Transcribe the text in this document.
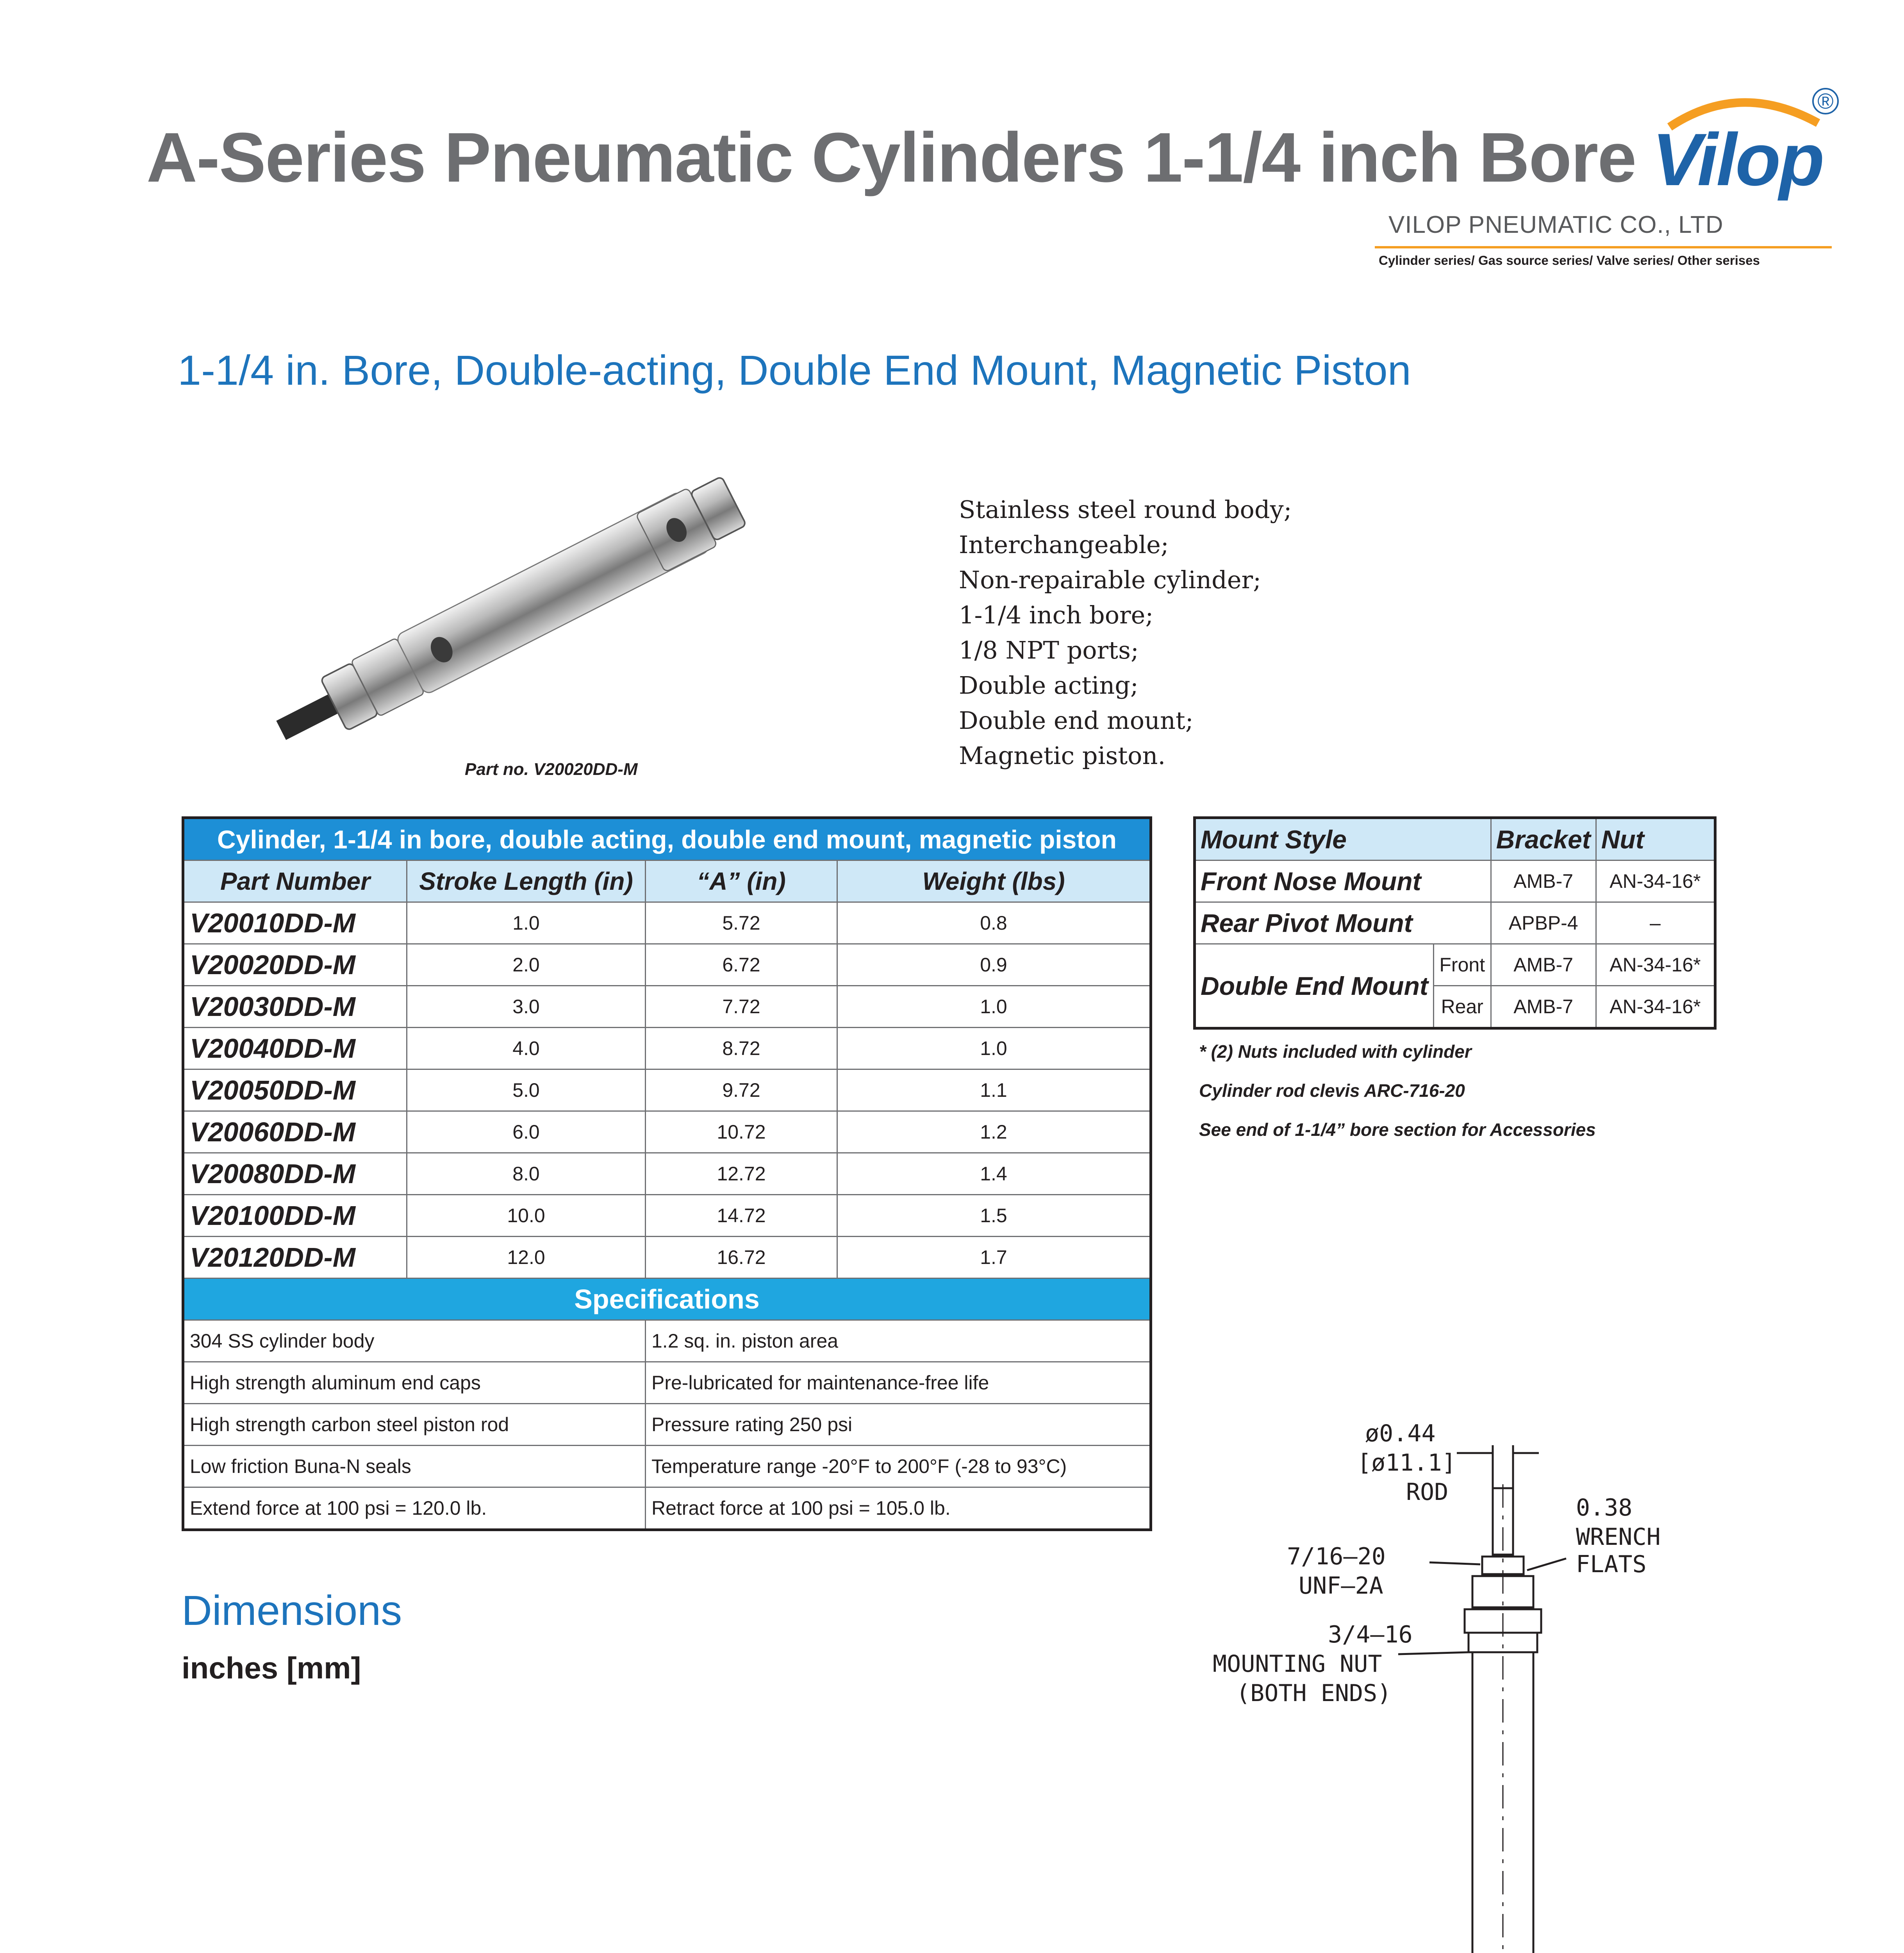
A-Series Pneumatic Cylinders 1-1/4 inch Bore Vilop
®
VILOP PNEUMATIC CO., LTD
Cylinder series/ Gas source series/ Valve series/ Other serises
1-1/4 in. Bore, Double-acting, Double End Mount, Magnetic Piston
Part no. V20020DD-M
Stainless steel round body;
Interchangeable;
Non-repairable cylinder;
1-1/4 inch bore;
1/8 NPT ports;
Double acting;
Double end mount;
Magnetic piston.
Cylinder, 1-1/4 in bore, double acting, double end mount, magnetic piston			
Part Number	Stroke Length (in)	“A” (in)	Weight (lbs)
V20010DD-M	1.0	5.72	0.8
V20020DD-M	2.0	6.72	0.9
V20030DD-M	3.0	7.72	1.0
V20040DD-M	4.0	8.72	1.0
V20050DD-M	5.0	9.72	1.1
V20060DD-M	6.0	10.72	1.2
V20080DD-M	8.0	12.72	1.4
V20100DD-M	10.0	14.72	1.5
V20120DD-M	12.0	16.72	1.7
Specifications			
304 SS cylinder body		1.2 sq. in. piston area	
High strength aluminum end caps		Pre-lubricated for maintenance-free life	
High strength carbon steel piston rod		Pressure rating 250 psi	
Low friction Buna-N seals		Temperature range -20°F to 200°F (-28 to 93°C)	
Extend force at 100 psi = 120.0 lb.		Retract force at 100 psi = 105.0 lb.	
Mount Style		Bracket	Nut
Front Nose Mount		AMB-7	AN-34-16*
Rear Pivot Mount		APBP-4	–
Double End Mount	Front	AMB-7	AN-34-16*
	Rear	AMB-7	AN-34-16*
* (2) Nuts included with cylinder
Cylinder rod clevis ARC-716-20
See end of 1-1/4” bore section for Accessories
Dimensions
inches [mm]
ø0.44
[ø11.1]
ROD
0.38
WRENCH
FLATS
7/16–20
UNF–2A
3/4–16
MOUNTING NUT
(BOTH ENDS)
